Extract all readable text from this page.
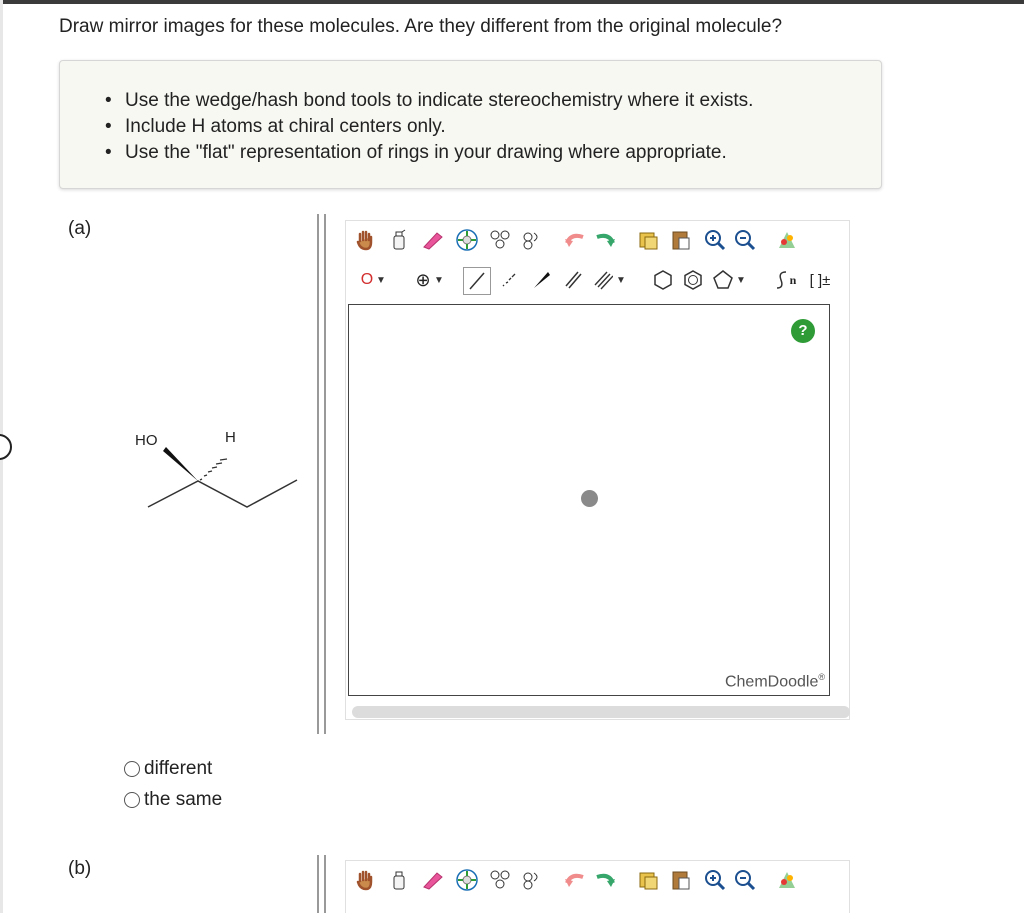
Draw mirror images for these molecules. Are they different from the original molecule?
• Use the wedge/hash bond tools to indicate stereochemistry where it exists.
• Include H atoms at chiral centers only.
• Use the "flat" representation of rings in your drawing where appropriate.
(a)
HO	H
O ▼ ⊕ ▼	▼	▼	n [ ]±
?
ChemDoodle®
different
the same
(b)
